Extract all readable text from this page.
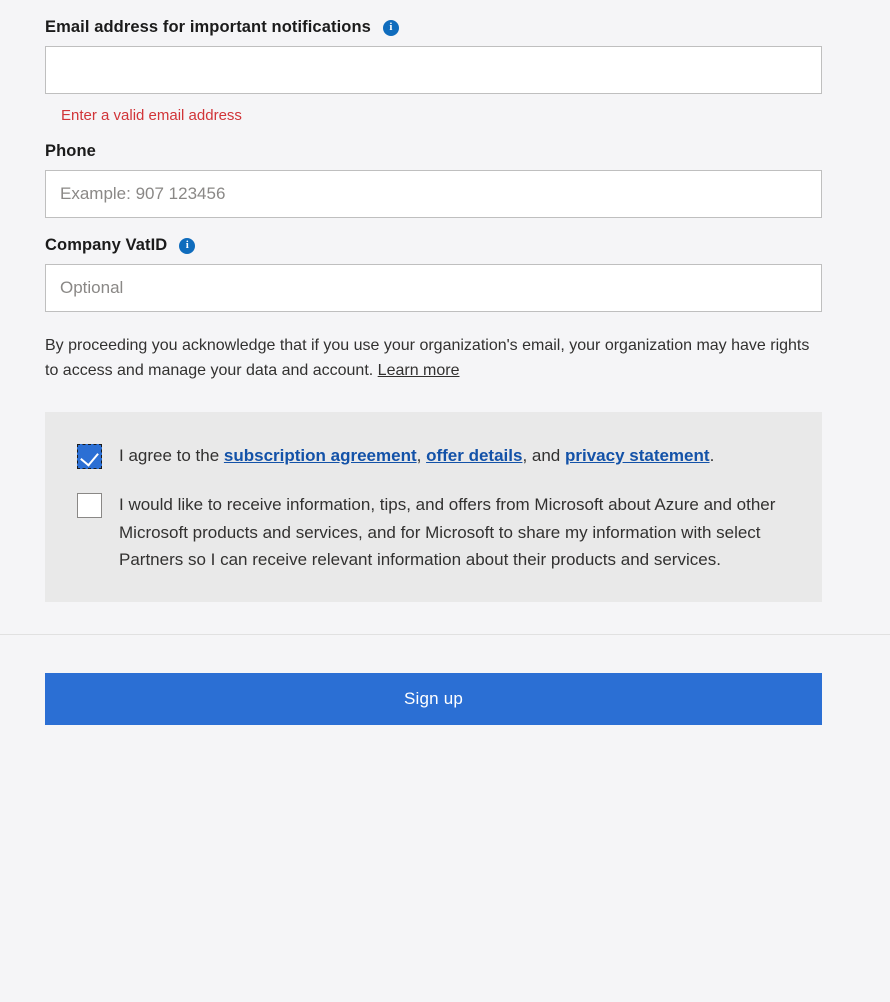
Email address for important notifications	i
Enter a valid email address
Phone
Example: 907 123456
Company VatID	i
Optional
By proceeding you acknowledge that if you use your organization's email, your organization may have rights to access and manage your data and account. Learn more
I agree to the subscription agreement, offer details, and privacy statement.
I would like to receive information, tips, and offers from Microsoft about Azure and other Microsoft products and services, and for Microsoft to share my information with select Partners so I can receive relevant information about their products and services.
Sign up
